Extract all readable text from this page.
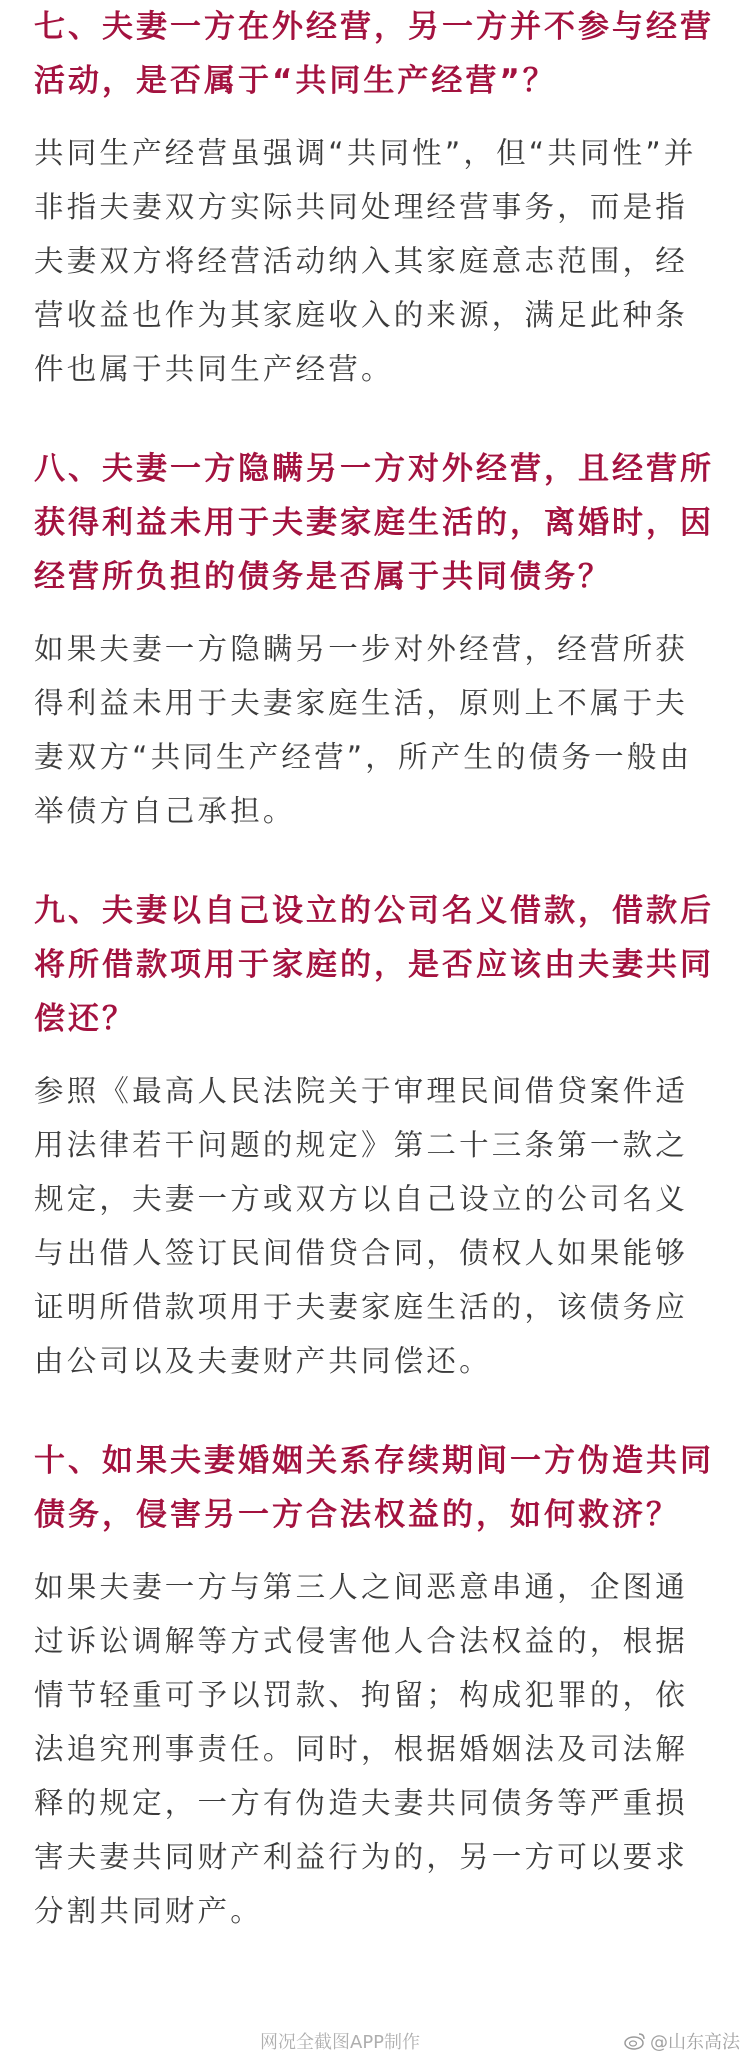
七、夫妻一方在外经营，另一方并不参与经营活动，是否属于“共同生产经营”？

共同生产经营虽强调“共同性”，但“共同性”并非指夫妻双方实际共同处理经营事务，而是指夫妻双方将经营活动纳入其家庭意志范围，经营收益也作为其家庭收入的来源，满足此种条件也属于共同生产经营。

八、夫妻一方隐瞒另一方对外经营，且经营所获得利益未用于夫妻家庭生活的，离婚时，因经营所负担的债务是否属于共同债务？

如果夫妻一方隐瞒另一步对外经营，经营所获得利益未用于夫妻家庭生活，原则上不属于夫妻双方“共同生产经营”，所产生的债务一般由举债方自己承担。

九、夫妻以自己设立的公司名义借款，借款后将所借款项用于家庭的，是否应该由夫妻共同偿还？

参照《最高人民法院关于审理民间借贷案件适用法律若干问题的规定》第二十三条第一款之规定，夫妻一方或双方以自己设立的公司名义与出借人签订民间借贷合同，债权人如果能够证明所借款项用于夫妻家庭生活的，该债务应由公司以及夫妻财产共同偿还。

十、如果夫妻婚姻关系存续期间一方伪造共同债务，侵害另一方合法权益的，如何救济？

如果夫妻一方与第三人之间恶意串通，企图通过诉讼调解等方式侵害他人合法权益的，根据情节轻重可予以罚款、拘留；构成犯罪的，依法追究刑事责任。同时，根据婚姻法及司法解释的规定，一方有伪造夫妻共同债务等严重损害夫妻共同财产利益行为的，另一方可以要求分割共同财产。

网况全截图APP制作	@山东高法
